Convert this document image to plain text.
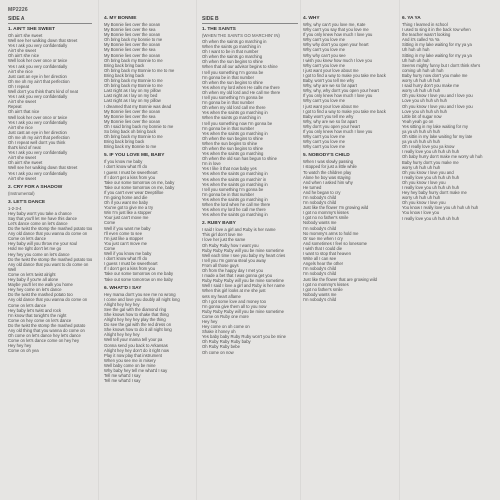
MP2226
SIDE A
1. AIN'T SHE SWEET
Oh ain't she sweet
Well see her walking down that street
Yes I ask you very confidentially
Ain't she sweet
Oh ain't she nice
Well look her over once or twice
Yes I ask you very confidentially
Ain't she nice
Just cast an eye in her direction
Oh me oh my ain't that perfection
Oh I repeat
Well don't you think that's kind of neat
Yes I ask you very confidentially
Ain't she sweet
Repeat
Oh ain't that nice
Well look her over once or twice
Yes I ask you very confidentially
Ain't she nice
Just cast an eye in her direction
Oh me oh my ain't that perfection
Oh I repeat well don't you think
that's kind of neat
Yes I ask you very confidentially
Ain't she sweet
Oh ain't she sweet
Well see her walking down that street
Yes I ask you very confidentially
Ain't she sweet
2. CRY FOR A SHADOW
(Instrumental)
3. LET'S DANCE
1-2-3-4
Hey baby won't you take a chance
Say that you'll let me have this dance
Let's dance come on let's dance
Do the twist the stomp the mashed potato too
Any old dance that you wanna do come on
Come on let's dance
Hey baby will you throw me your soul
Hold me tight don't let me go
Hey hey you come on let's dance
Do the twist the stomp the mashed potato too
Any old dance that you want to do come on
Well
Come on let's twist alright
Hey baby if you're all alone
Maybe you'll let me walk you home
Hey hey come on let's dance
Do the twist the mashed potato too
Any old dance that you wanna do come on
Come on let's dance
Hey baby let's twist and rock
I'm know that tonight's the night
Come on hey come on let's dance
Do the twist the stomp the mashed potato
Any old thing that you wanna do come on
Oh come on let's dance hey let's dance
Come on let's dance come on hey hey
Hey hey hey
Come on oh yea
4. MY BONNIE
My Bonnie lies over the ocean
My Bonnie lies over the sea
My Bonnie lies over the ocean
Oh bring back my bonnie to me
My Bonnie lies over the ocean
My Bonnie lies over the sea
My Bonnie lies over the ocean
Oh bring back my Bonnie to me
Bring back bring back
Oh bring back my Bonnie to me to me
Bring back bring back
Oh bring back my Bonnie to me
Oh bring back my Bonnie to me
Last night as I lay on my pillow
Last night as I lay on my bed
Last night as I lay on my pillow
I dreamed that my Bonnie was dead
My Bonnie lies over the ocean
My Bonnie lies over the sea
My Bonnie lies over the ocean
Oh I said bring back my bonnie to me
So bring back oh bring back
Oh bring back my Bonnie to me
Bring back bring back
Bring back my Bonnie to me
5. IF YOU LOVE ME, BABY
If you know me baby
I don't know what I'll do
I guess I must be sweetheart
If I don't get a kiss from you
Take our some tomorrow on me, baby
Take our some tomorrow on me, baby
If you can't ever wear Deeptilloe
I'm going home and die
Oh if you want me baby
You've got to give me a try
Win I'm just like a stopper
Your just can't move me
Come
Well if you want me baby
I'll even come to see
I'm just like a stopper
You just can't move me
Come
Well if you know me baby
I don't know what I'll do
I guess I must be sweetheart
If I don't get a kiss from you
Take our some tomorrow on me baby
Take out some tomorrow on me baby
6. WHAT'D I SAY
Hey mama don't you see me no wrong
I come and love you doubly all night long
Alright hey hey hey
See the gal with the diamond ring
She knows how to shake that thing
Alright hey hey hey play the thing
Do see the gal with the red dress on
She knows how to do it all night long
Alright hey hey hey
Well tell your mama tell your pa
Gonna send you back to Arkansas
Alright hey hey don't do it right now
Play it now play that instrument
When you see me in misery
Well baby come on be mine
Why baby hey tell me what'd I say
Tell me what'd I say
Tell me what'd I say
SIDE B
1. THE SAINTS
(WHEN THE SAINTS GO MARCHIN' IN)
Oh when the saints go marching in
When the saints go marching in
Oh I want to be in that number
Oh when the saints go marching
Oh when the sun begins to shine
When that all our advisor begins to shine
I tell you something I'm gonna be
I'm gonna be in that number
Oh when the sun begins to shine
Yes when my lord when He calls me there
Oh when my old lord and He call me there
I tell you something I'm gonna be
I'm gonna be in that number
Oh when my old lord call me there
Yes when the saints go marching in
When the saints go marching in
I tell you something now I'm gonna be
I'm gonna be in that number
Yes when the saints go marching in
Oh when the sun begins to shine
When the sun begins to shine
Oh when the sun begins to shine
Yes when the saints go marching
Oh when the old sun has begun to shine
I'm in love
Yes I like it that now baby yes
Yes when the saints go marching in
Yes when the saints go marchin' in
Yes when the saints go marching in
I tell you something I'm gonna be
I'm gonna be in that number
Yes when the saints go marching in
When the lord when he call me there
Yes when my lord he call me there
Yes when the saints go marching in
2. RUBY BABY
I said I love a girl and Ruby is her name
This girl don't love me
I love her just the same
Oh Ruby Ruby how I want you
Ruby Ruby Ruby will you be mine sometime
Well each time I see you baby my heart cries
I tell you I'm gonna steal you away
From all those guys
Oh from the happy day I met you
I made a bet that I was gonna get you
Ruby Ruby Ruby will you be mine sometime
Well I said I love a girl and Ruby is her name
When this girl looks at me she just
sets my heart aflame
Oh I got some love and money too
I'm gonna give them all to you now
Ruby Ruby Ruby will you be mine sometime
Come on Ruby one more
Hey hey
Hey come on oh come on
Shake it honey oh
Yes baby baby Ruby Ruby won't you be mine
Oh Ruby Ruby Ruby baby
Oh Ruby Ruby bebe
Oh come on now
4. WHY
Why, why can't you love me, Kate
Why can't you say that you love me
If you only knew how much I love you
Why can't you love me
Why why don't you open your heart
Why can't you love me
Why why can't you see
I wish you knew how much I love you
Why can't you love me
I just want your love about me
I got to find a way to make you take me back
Baby, won't you tell me why
Why, why are we so far apart
Why, why, why don't you open your heart
If you only knew how much I love you
Why can't you love me
I just want your love about me
I got to find a way to make you take me back
Baby won't you tell me why
Why, why are we so far apart
Why don't you open your heart
If you only knew how much I love you
Why can't you love me
Why can't you love me
Why can't you love me
5. NOBODY'S CHILD
When I was slowly passing
I stopped for just a little while
To watch the children play
Alone he boy was staying
And when I asked him why
He turned
And he began to cry
I'm nobody's child
I'm nobody's child
Just like the flower I'm growing wild
I got no mommy's kisses
I got no no father's smile
Nobody wants me
I'm nobody's child
No mommy's arms to hold me
Or sue me when I cry
And sometimes I feel so lonesome
I wish that I could die
I want to stop that heaven
Write all I can see
Angels hear the other
I'm nobody's child
I'm nobody's child
Just like the flower that are growing wild
I got no mommy's kisses
I got no father's smile
Nobody wants me
I'm nobody's child
6. YA YA
Thing I learned in school
I used to sing it in the back row when
the teacher wasn't looking
And it's called Ya Ya
Sitting in my lake waiting for my ya ya
Uh huh uh huh
Sitting in my lake waiting for my ya ya
Uh huh uh huh
Seems mighty funny but I don't think she's
coming uh huh uh huh
Baby hurry now don't you make me
worry uh huh uh huh
I said hurry don't you make me
worry uh huh uh huh
Oh you know I love you and I love you
Love you uh huh uh huh
Oh you know I love you and I love you
Love you uh huh uh huh
Little bit of sugar now
Yeah yeah go on
Yes sitting in my lake waiting for my
ya ya uh huh uh huh
Oh sittin in my lake waiting for my late
ya ya uh huh uh huh
Oh I really love you ya know
I really love you uh huh uh huh
Oh baby hurry don't make me worry uh huh
Baby hurry don't you make me
worry uh huh uh huh
Oh you know I love you and
I really love you uh huh uh huh
Oh you know I love you
I really love you uh huh uh huh
Hey hey baby hurry don't make me
worry uh huh uh huh
Oh you know I love you
You know I really love you uh huh uh huh
You know I love you
I really love you uh huh uh huh
